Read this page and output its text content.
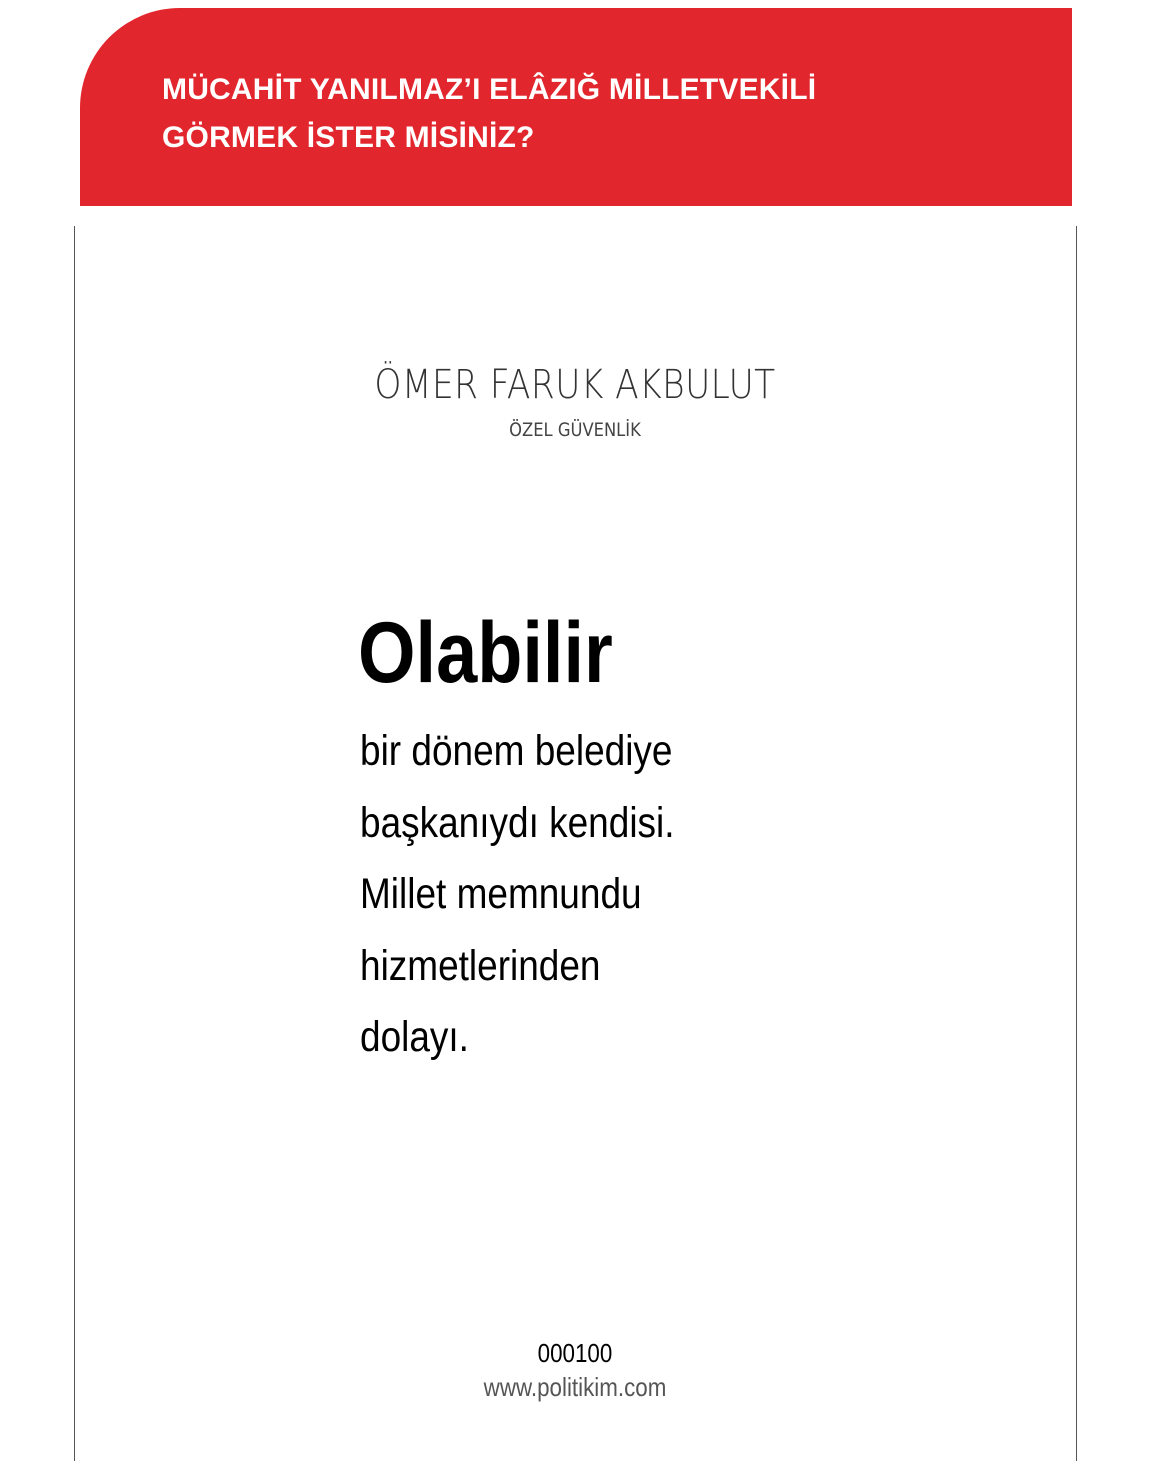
MÜCAHİT YANILMAZ’I ELÂZIĞ MİLLETVEKİLİ
GÖRMEK İSTER MİSİNİZ?
ÖMER FARUK AKBULUT
ÖZEL GÜVENLİK
Olabilir
bir dönem belediye
başkanıydı kendisi.
Millet memnundu
hizmetlerinden
dolayı.
000100
www.politikim.com
